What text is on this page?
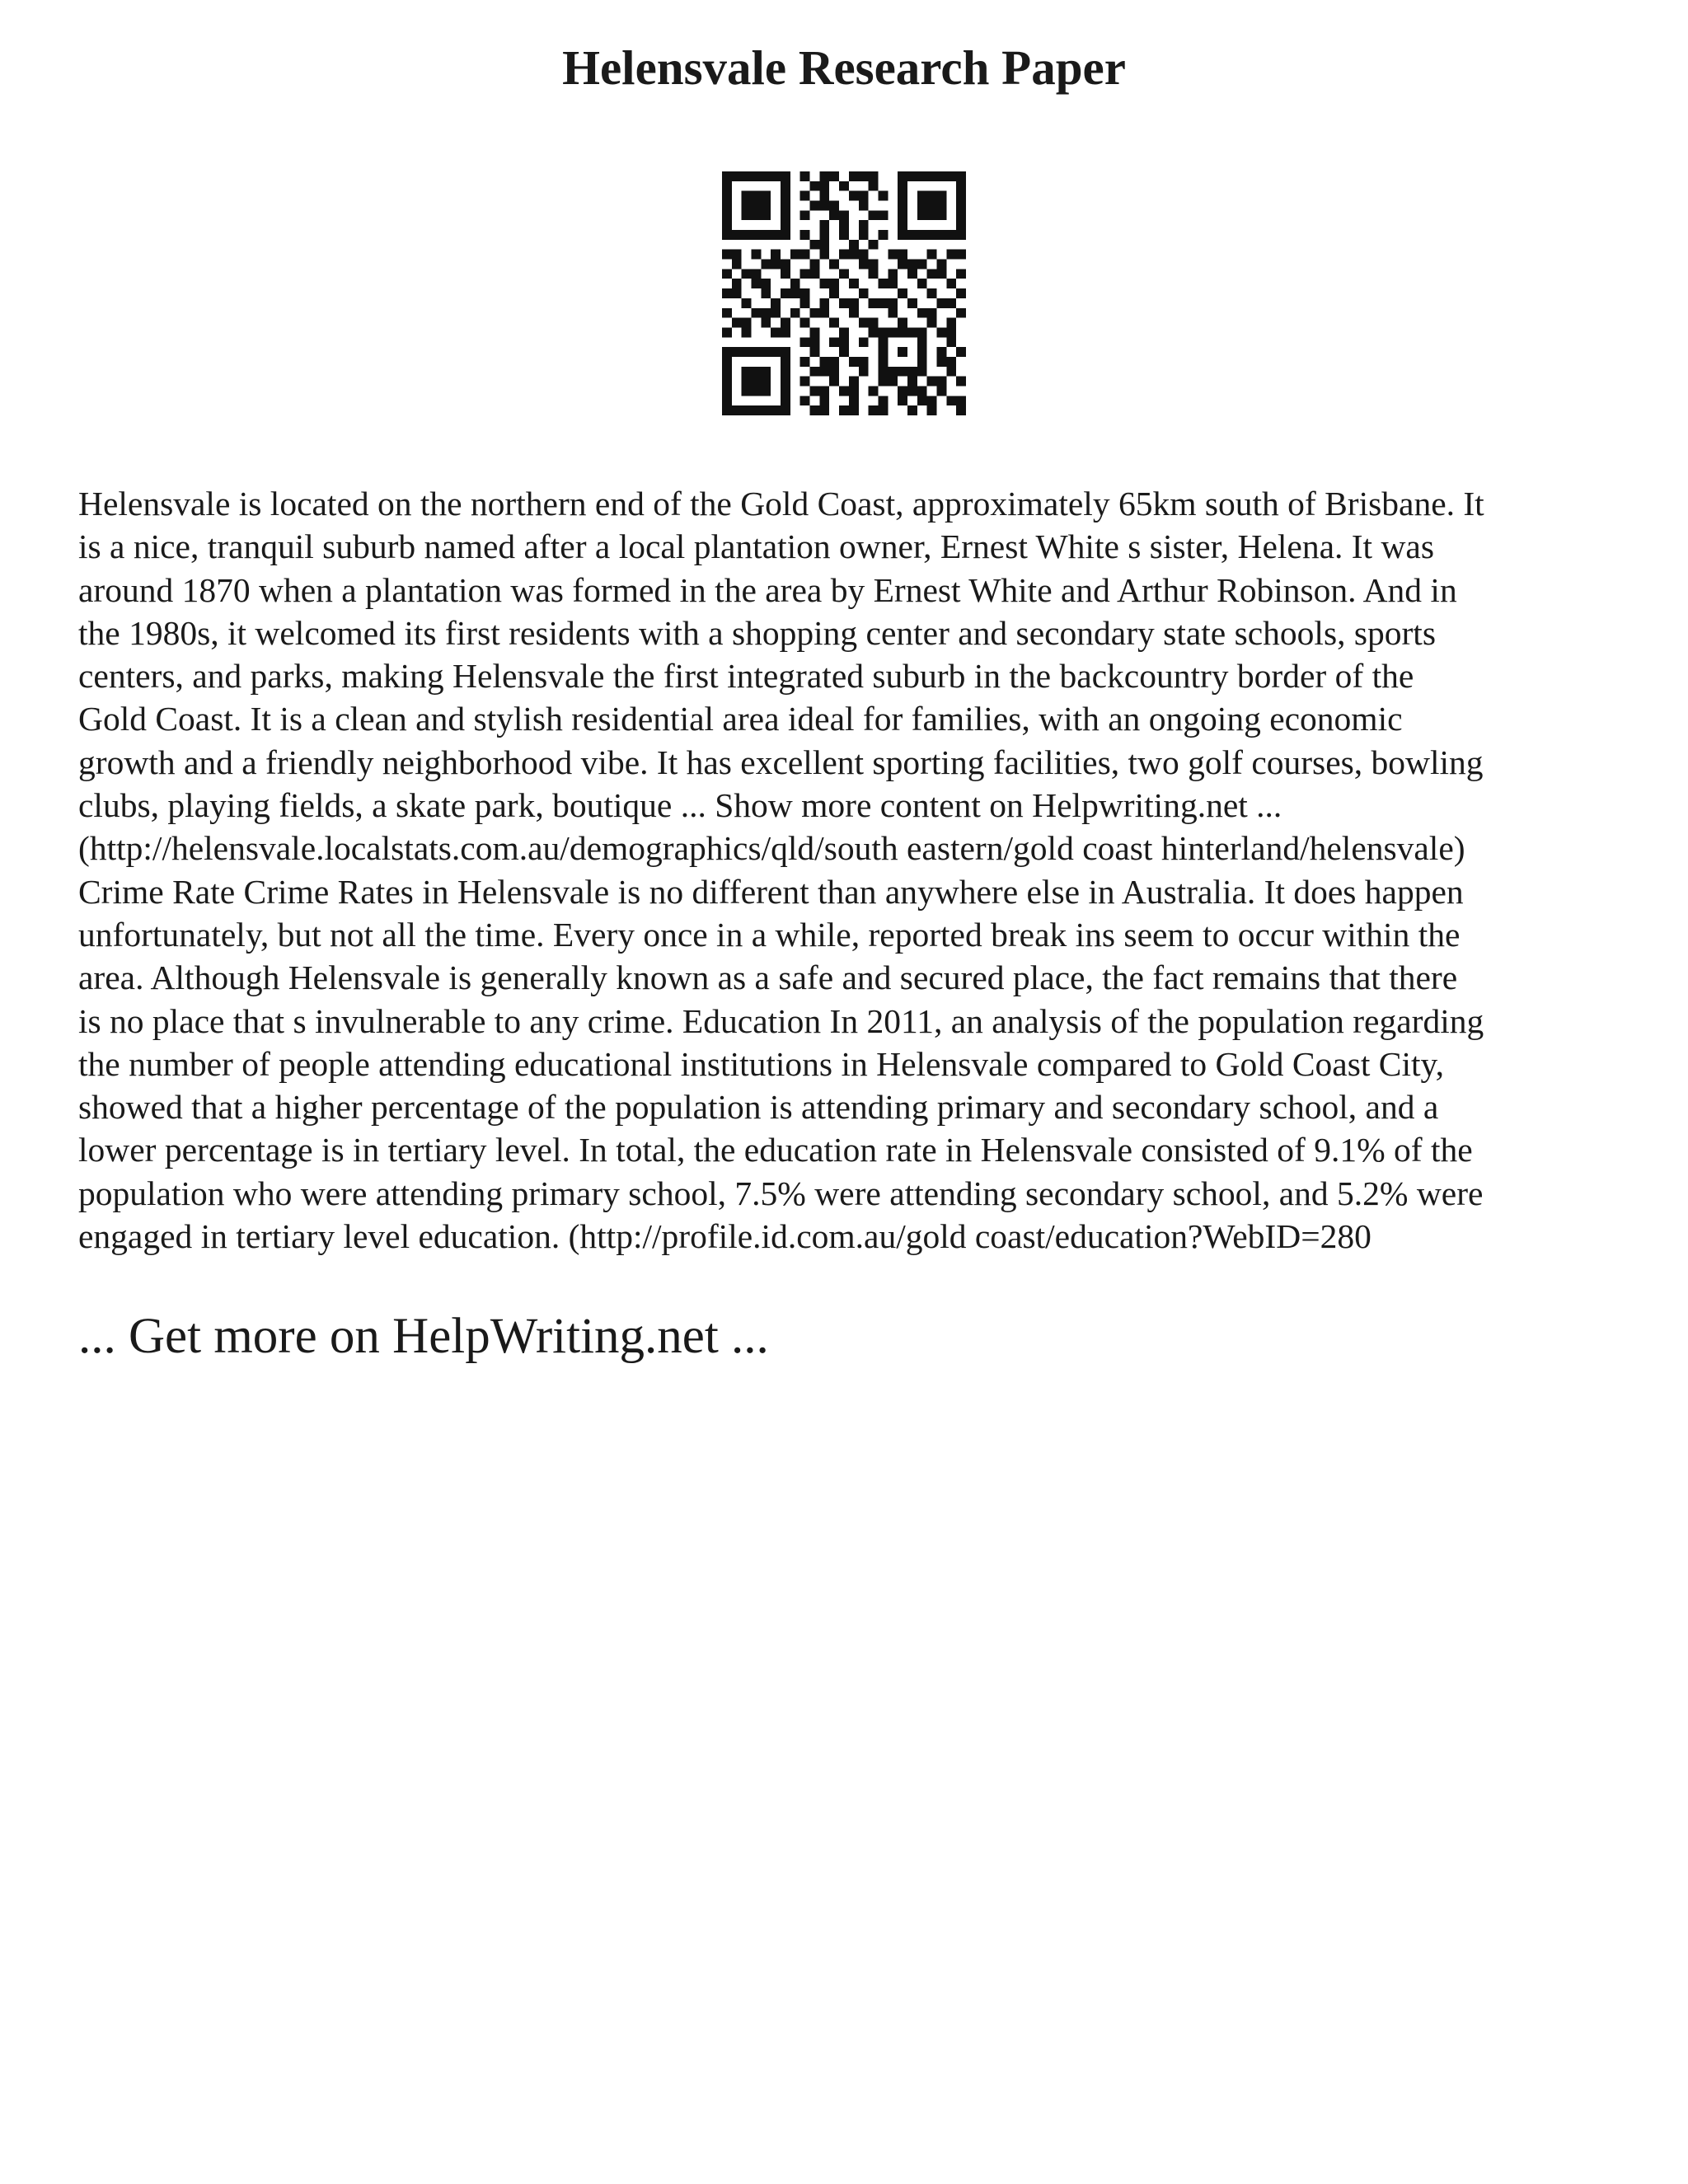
Helensvale Research Paper
Helensvale is located on the northern end of the Gold Coast, approximately 65km south of Brisbane. It
is a nice, tranquil suburb named after a local plantation owner, Ernest White s sister, Helena. It was
around 1870 when a plantation was formed in the area by Ernest White and Arthur Robinson. And in
the 1980s, it welcomed its first residents with a shopping center and secondary state schools, sports
centers, and parks, making Helensvale the first integrated suburb in the backcountry border of the
Gold Coast. It is a clean and stylish residential area ideal for families, with an ongoing economic
growth and a friendly neighborhood vibe. It has excellent sporting facilities, two golf courses, bowling
clubs, playing fields, a skate park, boutique ... Show more content on Helpwriting.net ...
(http://helensvale.localstats.com.au/demographics/qld/south eastern/gold coast hinterland/helensvale)
Crime Rate Crime Rates in Helensvale is no different than anywhere else in Australia. It does happen
unfortunately, but not all the time. Every once in a while, reported break ins seem to occur within the
area. Although Helensvale is generally known as a safe and secured place, the fact remains that there
is no place that s invulnerable to any crime. Education In 2011, an analysis of the population regarding
the number of people attending educational institutions in Helensvale compared to Gold Coast City,
showed that a higher percentage of the population is attending primary and secondary school, and a
lower percentage is in tertiary level. In total, the education rate in Helensvale consisted of 9.1% of the
population who were attending primary school, 7.5% were attending secondary school, and 5.2% were
engaged in tertiary level education. (http://profile.id.com.au/gold coast/education?WebID=280
... Get more on HelpWriting.net ...
